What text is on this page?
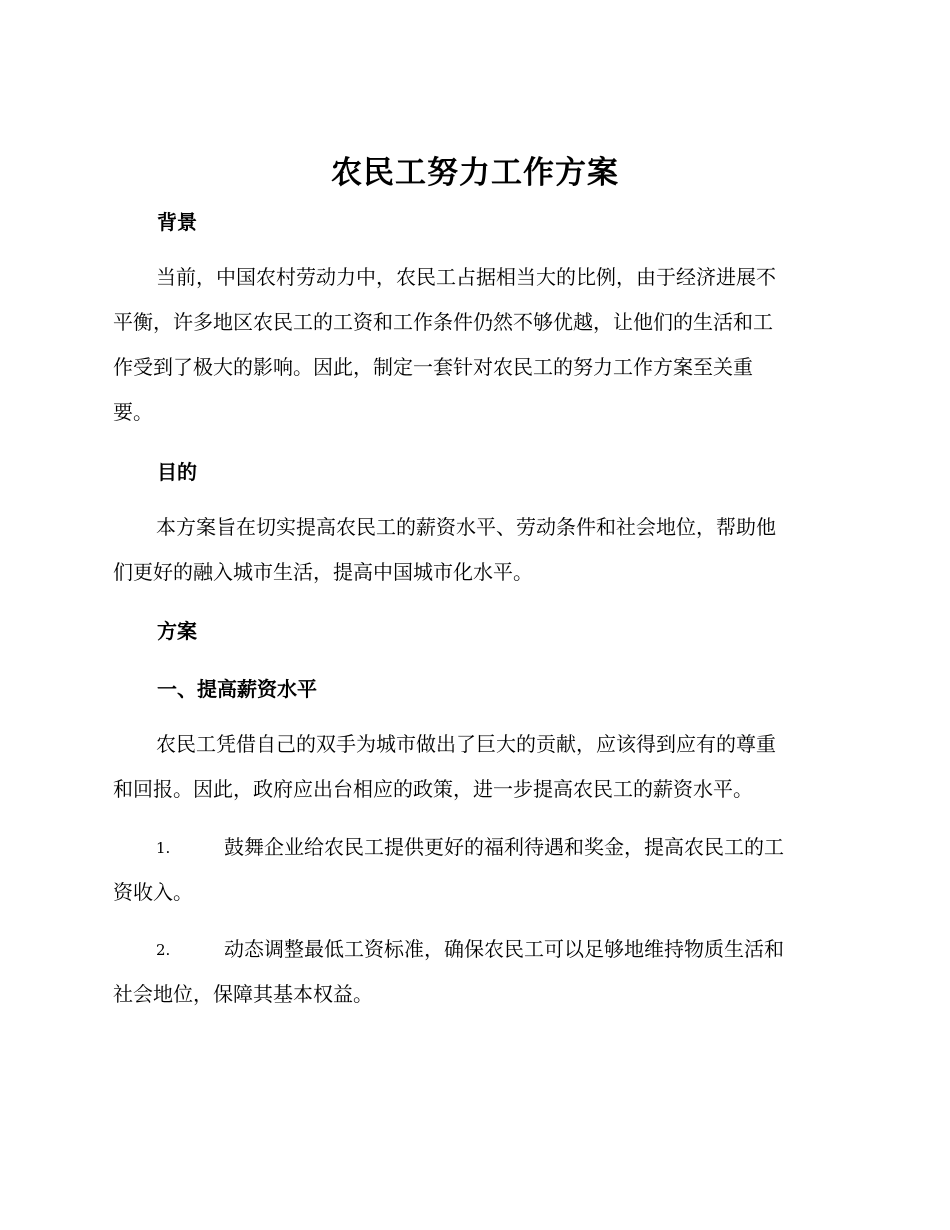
农民工努力工作方案
背景
当前，中国农村劳动力中，农民工占据相当大的比例，由于经济进展不
平衡，许多地区农民工的工资和工作条件仍然不够优越，让他们的生活和工
作受到了极大的影响。因此，制定一套针对农民工的努力工作方案至关重
要。
目的
本方案旨在切实提高农民工的薪资水平、劳动条件和社会地位，帮助他
们更好的融入城市生活，提高中国城市化水平。
方案
一、提高薪资水平
农民工凭借自己的双手为城市做出了巨大的贡献，应该得到应有的尊重
和回报。因此，政府应出台相应的政策，进一步提高农民工的薪资水平。
1.	鼓舞企业给农民工提供更好的福利待遇和奖金，提高农民工的工
资收入。
2.	动态调整最低工资标准，确保农民工可以足够地维持物质生活和
社会地位，保障其基本权益。
